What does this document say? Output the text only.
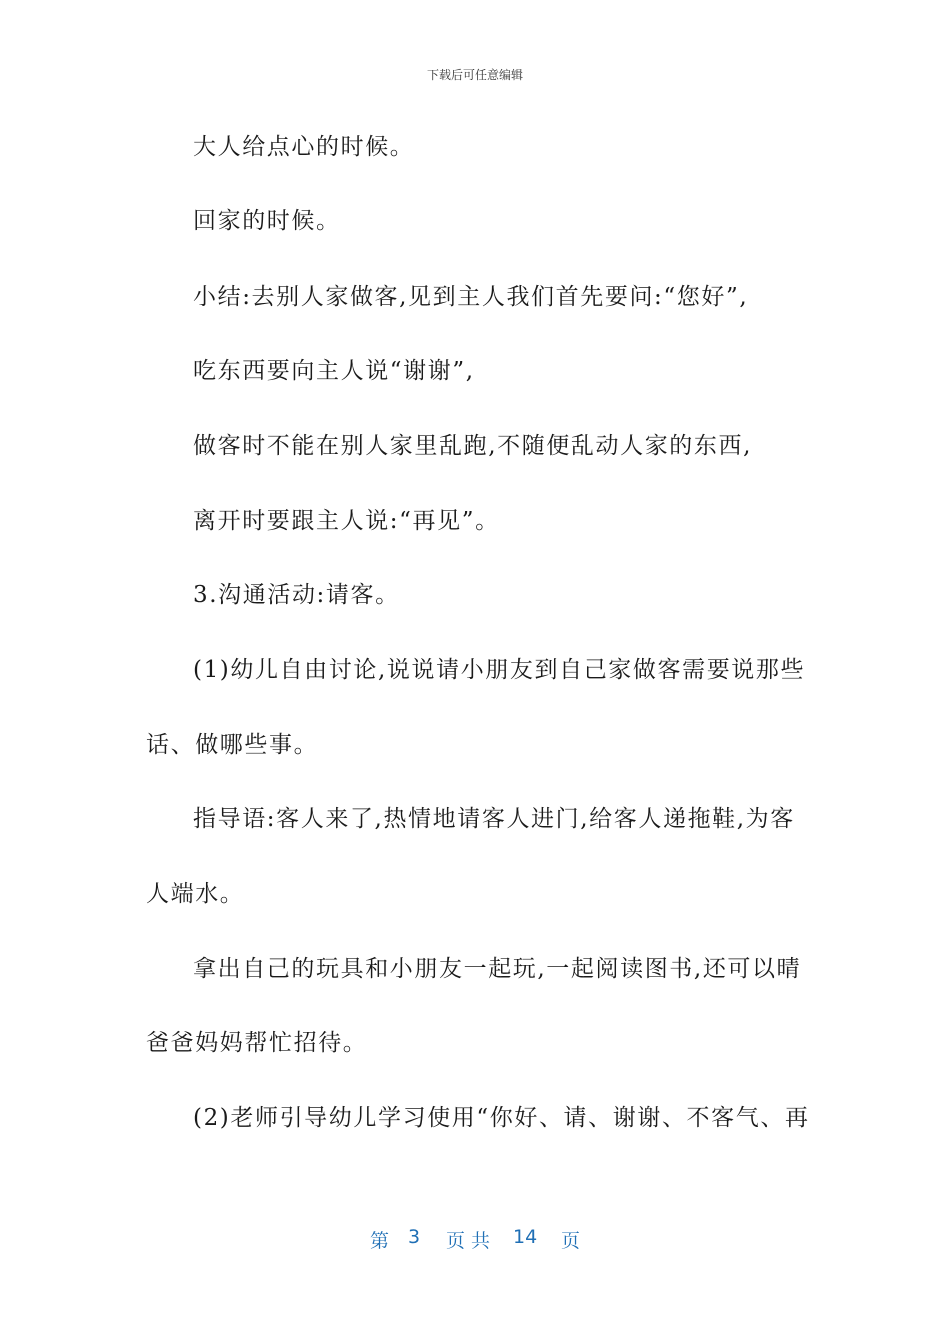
下载后可任意编辑
大人给点心的时候。
回家的时候。
小结:去别人家做客,见到主人我们首先要问:“您好”,
吃东西要向主人说“谢谢”,
做客时不能在别人家里乱跑,不随便乱动人家的东西,
离开时要跟主人说:“再见”。
3.沟通活动:请客。
(1)幼儿自由讨论,说说请小朋友到自己家做客需要说那些
话、做哪些事。
指导语:客人来了,热情地请客人进门,给客人递拖鞋,为客
人端水。
拿出自己的玩具和小朋友一起玩,一起阅读图书,还可以晴
爸爸妈妈帮忙招待。
(2)老师引导幼儿学习使用“你好、请、谢谢、不客气、再
第 3 页 共 14 页
